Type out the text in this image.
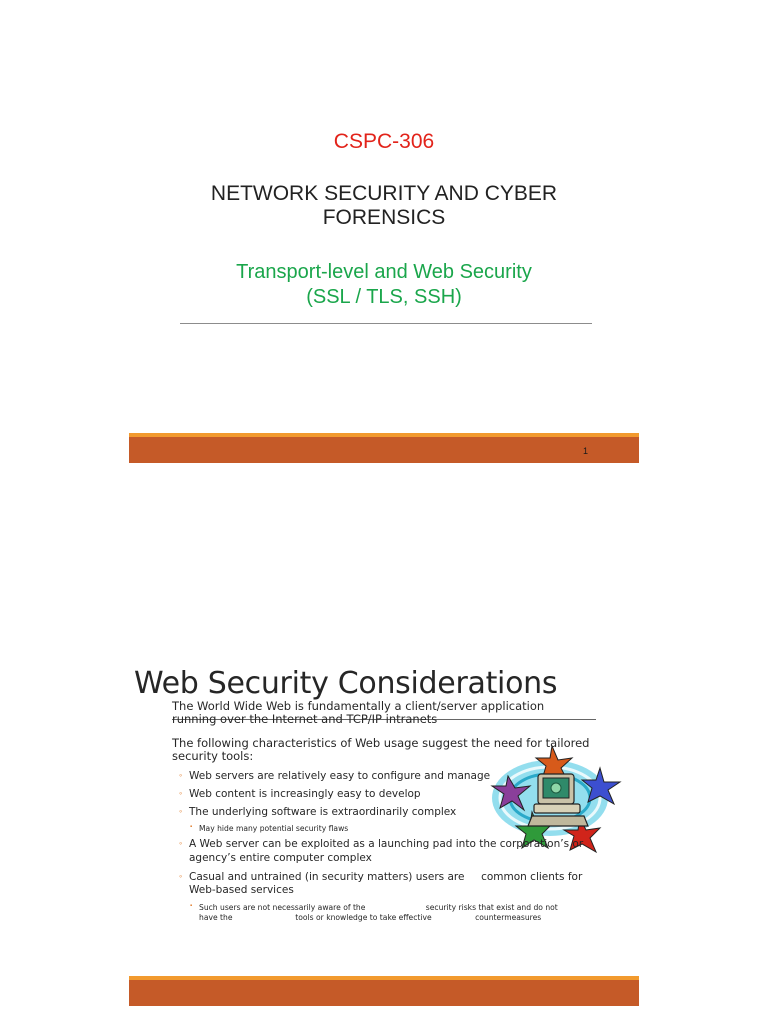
CSPC-306
NETWORK SECURITY AND CYBER
FORENSICS
Transport-level and Web Security
(SSL / TLS, SSH)
1
Web Security Considerations
The World Wide Web is fundamentally a client/server application
running over the Internet and TCP/IP intranets
The following characteristics of Web usage suggest the need for tailored
security tools:
◦ Web servers are relatively easy to configure and manage
◦ Web content is increasingly easy to develop
◦ The underlying software is extraordinarily complex
▪ May hide many potential security flaws
◦ A Web server can be exploited as a launching pad into the corporation’s or
agency’s entire computer complex
◦ Casual and untrained (in security matters) users are     common clients for
Web-based services
▪ Such users are not necessarily aware of the                         security risks that exist and do not
have the                          tools or knowledge to take effective                  countermeasures
